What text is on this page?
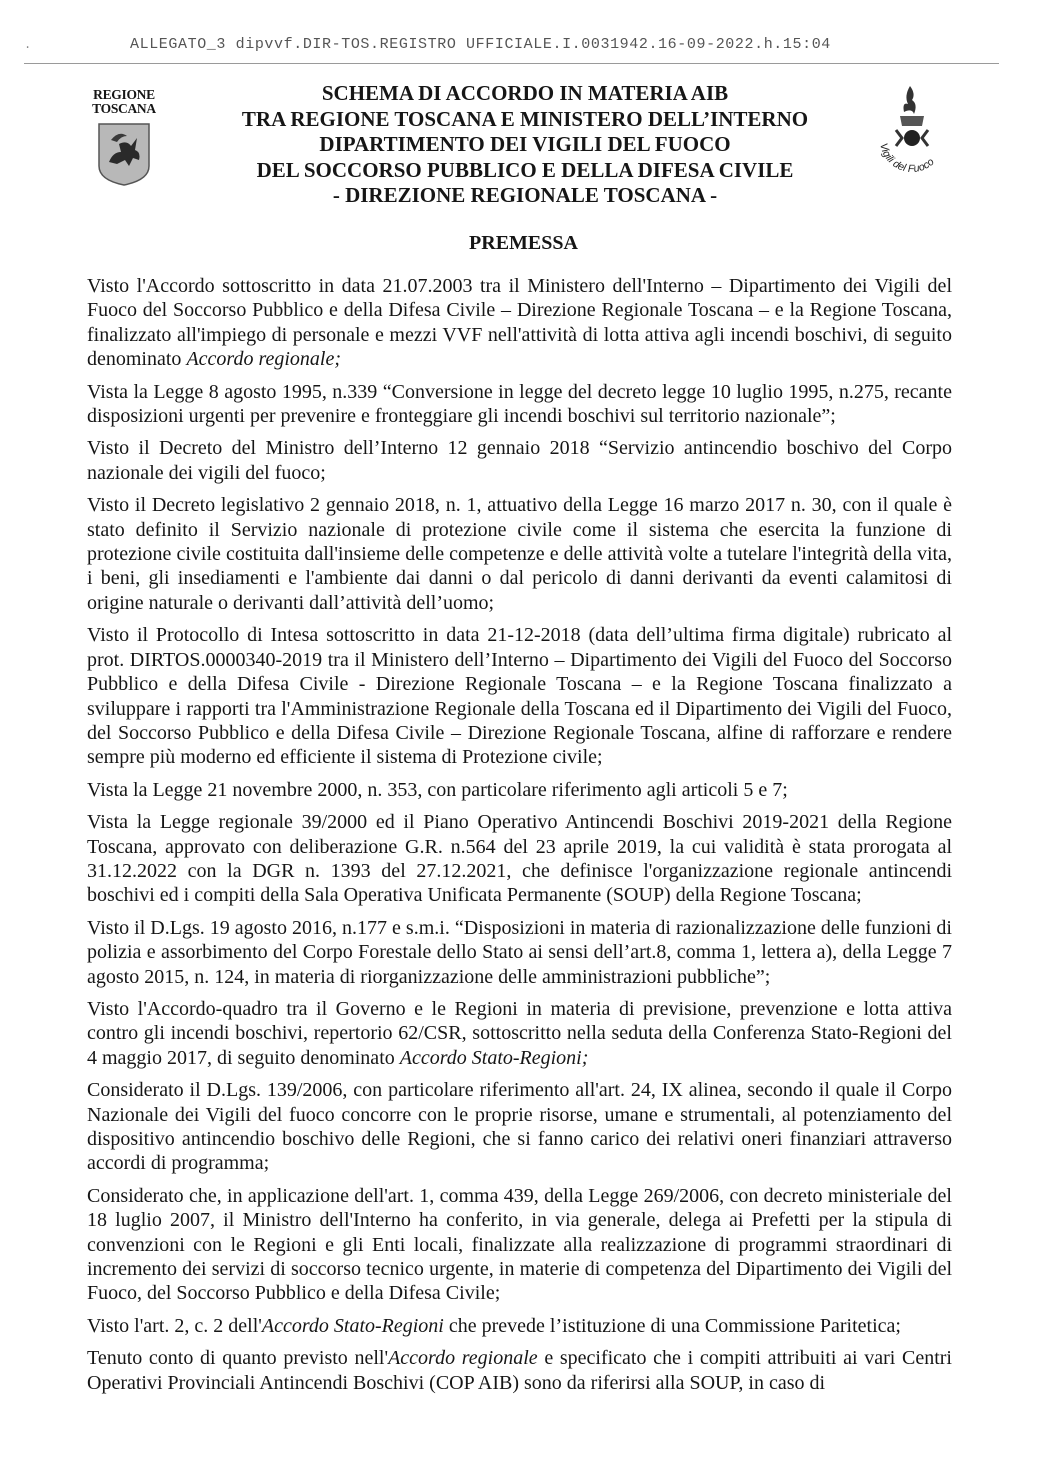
.	ALLEGATO_3 dipvvf.DIR-TOS.REGISTRO UFFICIALE.I.0031942.16-09-2022.h.15:04
REGIONE
TOSCANA
Vigili del Fuoco
SCHEMA DI ACCORDO IN MATERIA AIB
TRA REGIONE TOSCANA E MINISTERO DELL’INTERNO
DIPARTIMENTO DEI VIGILI DEL FUOCO
DEL SOCCORSO PUBBLICO E DELLA DIFESA CIVILE
- DIREZIONE REGIONALE TOSCANA -
PREMESSA

Visto l'Accordo sottoscritto in data 21.07.2003 tra il Ministero dell'Interno – Dipartimento dei Vigili del Fuoco del Soccorso Pubblico e della Difesa Civile – Direzione Regionale Toscana – e la Regione Toscana, finalizzato all'impiego di personale e mezzi VVF nell'attività di lotta attiva agli incendi boschivi, di seguito denominato Accordo regionale;

Vista la Legge 8 agosto 1995, n.339 “Conversione in legge del decreto legge 10 luglio 1995, n.275, recante disposizioni urgenti per prevenire e fronteggiare gli incendi boschivi sul territorio nazionale”;

Visto il Decreto del Ministro dell’Interno 12 gennaio 2018 “Servizio antincendio boschivo del Corpo nazionale dei vigili del fuoco;

Visto il Decreto legislativo 2 gennaio 2018, n. 1, attuativo della Legge 16 marzo 2017 n. 30, con il quale è stato definito il Servizio nazionale di protezione civile come il sistema che esercita la funzione di protezione civile costituita dall'insieme delle competenze e delle attività volte a tutelare l'integrità della vita, i beni, gli insediamenti e l'ambiente dai danni o dal pericolo di danni derivanti da eventi calamitosi di origine naturale o derivanti dall’attività dell’uomo;

Visto il Protocollo di Intesa sottoscritto in data 21-12-2018 (data dell’ultima firma digitale) rubricato al prot. DIRTOS.0000340-2019 tra il Ministero dell’Interno – Dipartimento dei Vigili del Fuoco del Soccorso Pubblico e della Difesa Civile - Direzione Regionale Toscana – e la Regione Toscana finalizzato a sviluppare i rapporti tra l'Amministrazione Regionale della Toscana ed il Dipartimento dei Vigili del Fuoco, del Soccorso Pubblico e della Difesa Civile – Direzione Regionale Toscana, alfine di rafforzare e rendere sempre più moderno ed efficiente il sistema di Protezione civile;

Vista la Legge 21 novembre 2000, n. 353, con particolare riferimento agli articoli 5 e 7;

Vista la Legge regionale 39/2000 ed il Piano Operativo Antincendi Boschivi 2019-2021 della Regione Toscana, approvato con deliberazione G.R. n.564 del 23 aprile 2019, la cui validità è stata prorogata al 31.12.2022 con la DGR n. 1393 del 27.12.2021, che definisce l'organizzazione regionale antincendi boschivi ed i compiti della Sala Operativa Unificata Permanente (SOUP) della Regione Toscana;

Visto il D.Lgs. 19 agosto 2016, n.177 e s.m.i. “Disposizioni in materia di razionalizzazione delle funzioni di polizia e assorbimento del Corpo Forestale dello Stato ai sensi dell’art.8, comma 1, lettera a), della Legge 7 agosto 2015, n. 124, in materia di riorganizzazione delle amministrazioni pubbliche”;

Visto l'Accordo-quadro tra il Governo e le Regioni in materia di previsione, prevenzione e lotta attiva contro gli incendi boschivi, repertorio 62/CSR, sottoscritto nella seduta della Conferenza Stato-Regioni del 4 maggio 2017, di seguito denominato Accordo Stato-Regioni;

Considerato il D.Lgs. 139/2006, con particolare riferimento all'art. 24, IX alinea, secondo il quale il Corpo Nazionale dei Vigili del fuoco concorre con le proprie risorse, umane e strumentali, al potenziamento del dispositivo antincendio boschivo delle Regioni, che si fanno carico dei relativi oneri finanziari attraverso accordi di programma;

Considerato che, in applicazione dell'art. 1, comma 439, della Legge 269/2006, con decreto ministeriale del 18 luglio 2007, il Ministro dell'Interno ha conferito, in via generale, delega ai Prefetti per la stipula di convenzioni con le Regioni e gli Enti locali, finalizzate alla realizzazione di programmi straordinari di incremento dei servizi di soccorso tecnico urgente, in materie di competenza del Dipartimento dei Vigili del Fuoco, del Soccorso Pubblico e della Difesa Civile;

Visto l'art. 2, c. 2 dell'Accordo Stato-Regioni che prevede l’istituzione di una Commissione Paritetica;

Tenuto conto di quanto previsto nell'Accordo regionale e specificato che i compiti attribuiti ai vari Centri Operativi Provinciali Antincendi Boschivi (COP AIB) sono da riferirsi alla SOUP, in caso di
